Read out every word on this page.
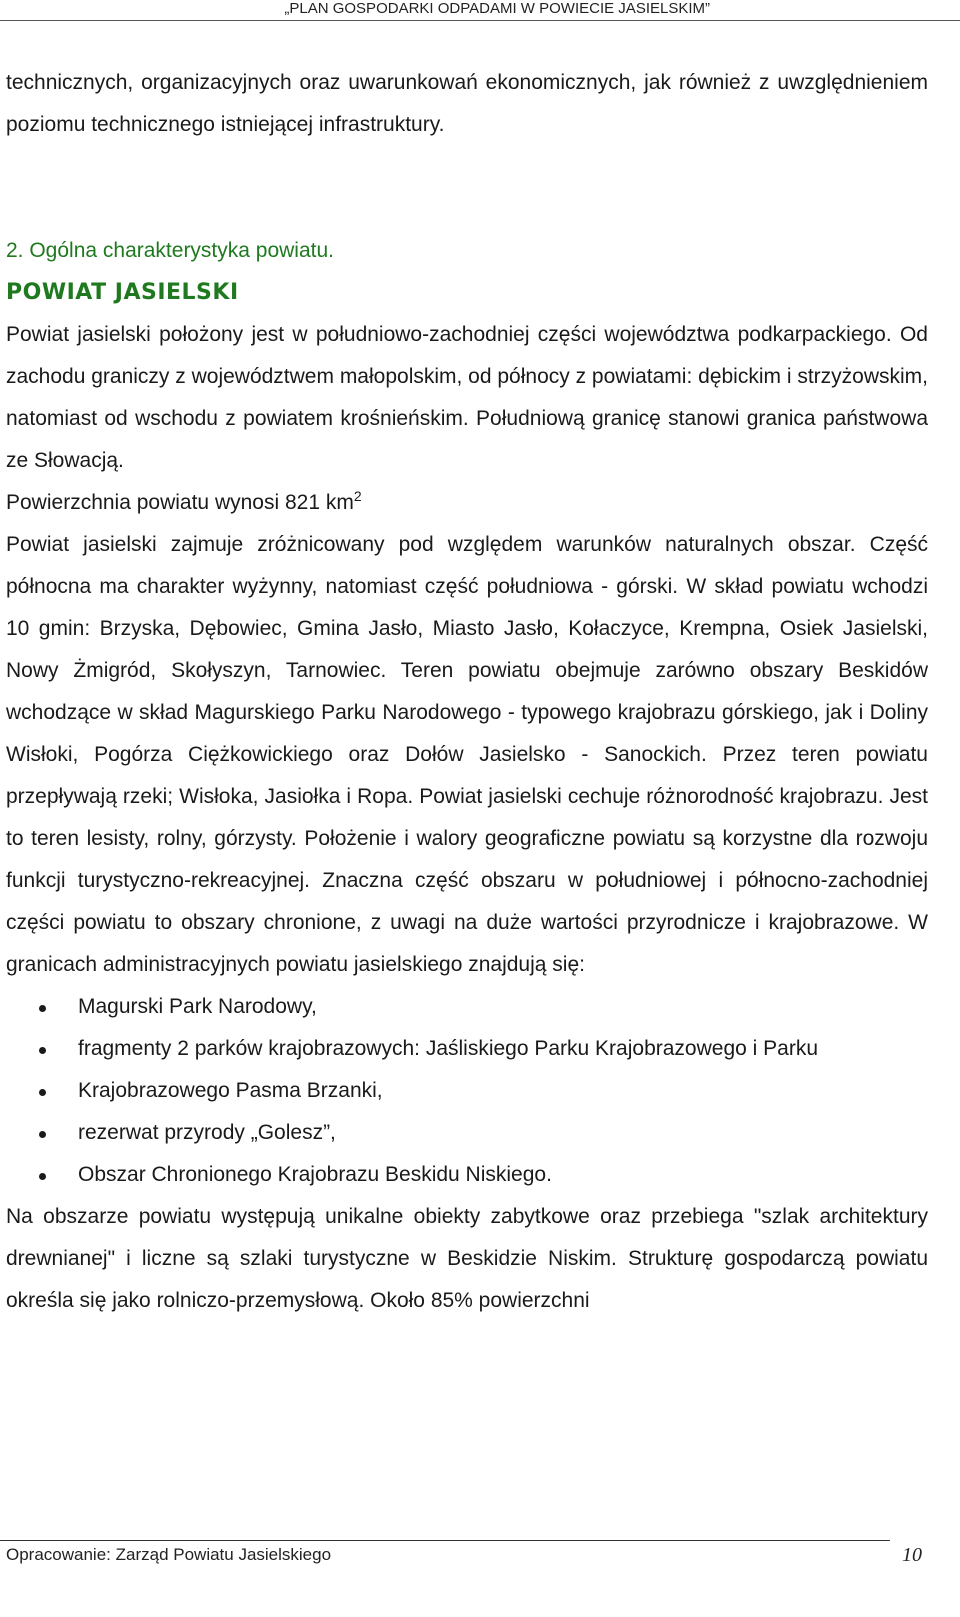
„PLAN GOSPODARKI ODPADAMI W POWIECIE JASIELSKIM”

technicznych, organizacyjnych oraz uwarunkowań ekonomicznych, jak również z uwzględnieniem poziomu technicznego istniejącej infrastruktury.

2. Ogólna charakterystyka powiatu.

POWIAT JASIELSKI

Powiat jasielski położony jest w południowo-zachodniej części województwa podkarpackiego. Od zachodu graniczy z województwem małopolskim, od północy z powiatami: dębickim i strzyżowskim, natomiast od wschodu z powiatem krośnieńskim. Południową granicę stanowi granica państwowa ze Słowacją.

Powierzchnia powiatu wynosi 821 $km^2$

Powiat jasielski zajmuje zróżnicowany pod względem warunków naturalnych obszar. Część północna ma charakter wyżynny, natomiast część południowa - górski. W skład powiatu wchodzi 10 gmin: Brzyska, Dębowiec, Gmina Jasło, Miasto Jasło, Kołaczyce, Krempna, Osiek Jasielski, Nowy Żmigród, Skołyszyn, Tarnowiec. Teren powiatu obejmuje zarówno obszary Beskidów wchodzące w skład Magurskiego Parku Narodowego - typowego krajobrazu górskiego, jak i Doliny Wisłoki, Pogórza Ciężkowickiego oraz Dołów Jasielsko - Sanockich. Przez teren powiatu przepływają rzeki; Wisłoka, Jasiołka i Ropa. Powiat jasielski cechuje różnorodność krajobrazu. Jest to teren lesisty, rolny, górzysty. Położenie i walory geograficzne powiatu są korzystne dla rozwoju funkcji turystyczno-rekreacyjnej. Znaczna część obszaru w południowej i północno-zachodniej części powiatu to obszary chronione, z uwagi na duże wartości przyrodnicze i krajobrazowe. W granicach administracyjnych powiatu jasielskiego znajdują się:

Magurski Park Narodowy,
fragmenty 2 parków krajobrazowych: Jaśliskiego Parku Krajobrazowego i Parku
Krajobrazowego Pasma Brzanki,
rezerwat przyrody „Golesz”,
Obszar Chronionego Krajobrazu Beskidu Niskiego.

Na obszarze powiatu występują unikalne obiekty zabytkowe oraz przebiega "szlak architektury drewnianej" i liczne są szlaki turystyczne w Beskidzie Niskim. Strukturę gospodarczą powiatu określa się jako rolniczo-przemysłową. Około 85% powierzchni

Opracowanie: Zarząd Powiatu Jasielskiego	10
